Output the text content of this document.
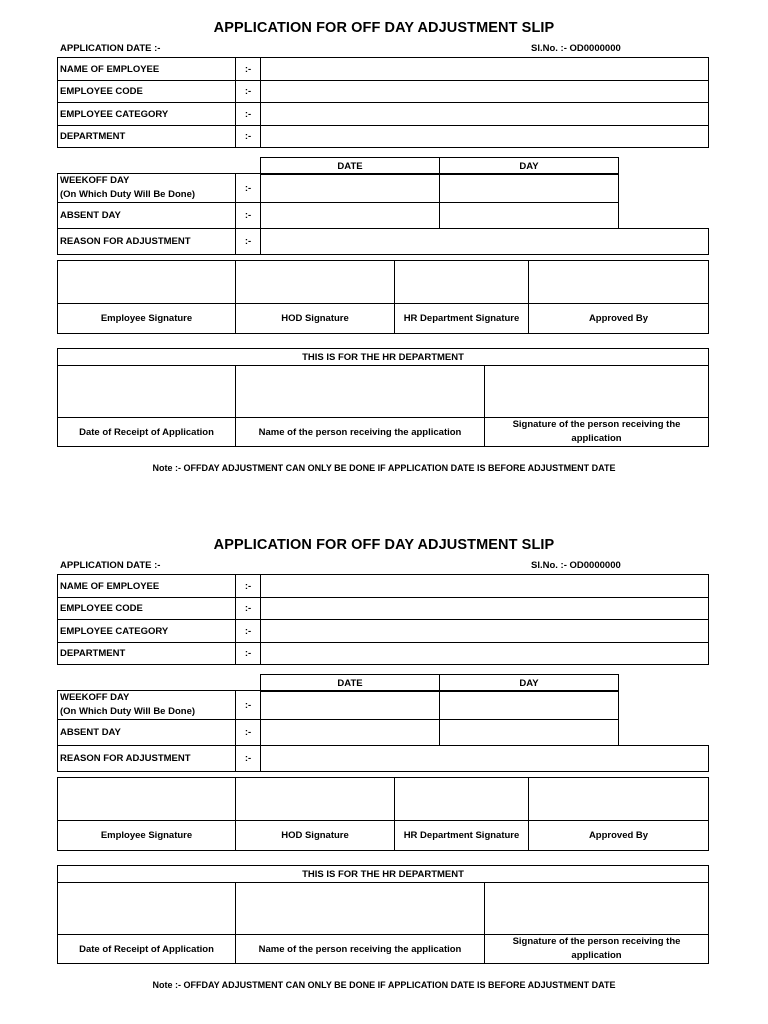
APPLICATION FOR OFF DAY ADJUSTMENT SLIP
APPLICATION DATE :-	Sl.No. :- OD0000000
NAME OF EMPLOYEE	:-	
EMPLOYEE CODE	:-	
EMPLOYEE CATEGORY	:-	
DEPARTMENT	:-	
DATE	DAY
WEEKOFF DAY
(On Which Duty Will Be Done)	:-		
ABSENT DAY	:-		
REASON FOR ADJUSTMENT	:-	

Employee Signature	HOD Signature	HR Department Signature	Approved By
THIS IS FOR THE HR DEPARTMENT		

Date of Receipt of Application	Name of the person receiving the application	Signature of the person receiving the application
Note :- OFFDAY ADJUSTMENT CAN ONLY BE DONE IF APPLICATION DATE IS BEFORE ADJUSTMENT DATE
APPLICATION FOR OFF DAY ADJUSTMENT SLIP
APPLICATION DATE :-	Sl.No. :- OD0000000
NAME OF EMPLOYEE	:-	
EMPLOYEE CODE	:-	
EMPLOYEE CATEGORY	:-	
DEPARTMENT	:-	
DATE	DAY
WEEKOFF DAY
(On Which Duty Will Be Done)	:-		
ABSENT DAY	:-		
REASON FOR ADJUSTMENT	:-	

Employee Signature	HOD Signature	HR Department Signature	Approved By
THIS IS FOR THE HR DEPARTMENT		

Date of Receipt of Application	Name of the person receiving the application	Signature of the person receiving the application
Note :- OFFDAY ADJUSTMENT CAN ONLY BE DONE IF APPLICATION DATE IS BEFORE ADJUSTMENT DATE
